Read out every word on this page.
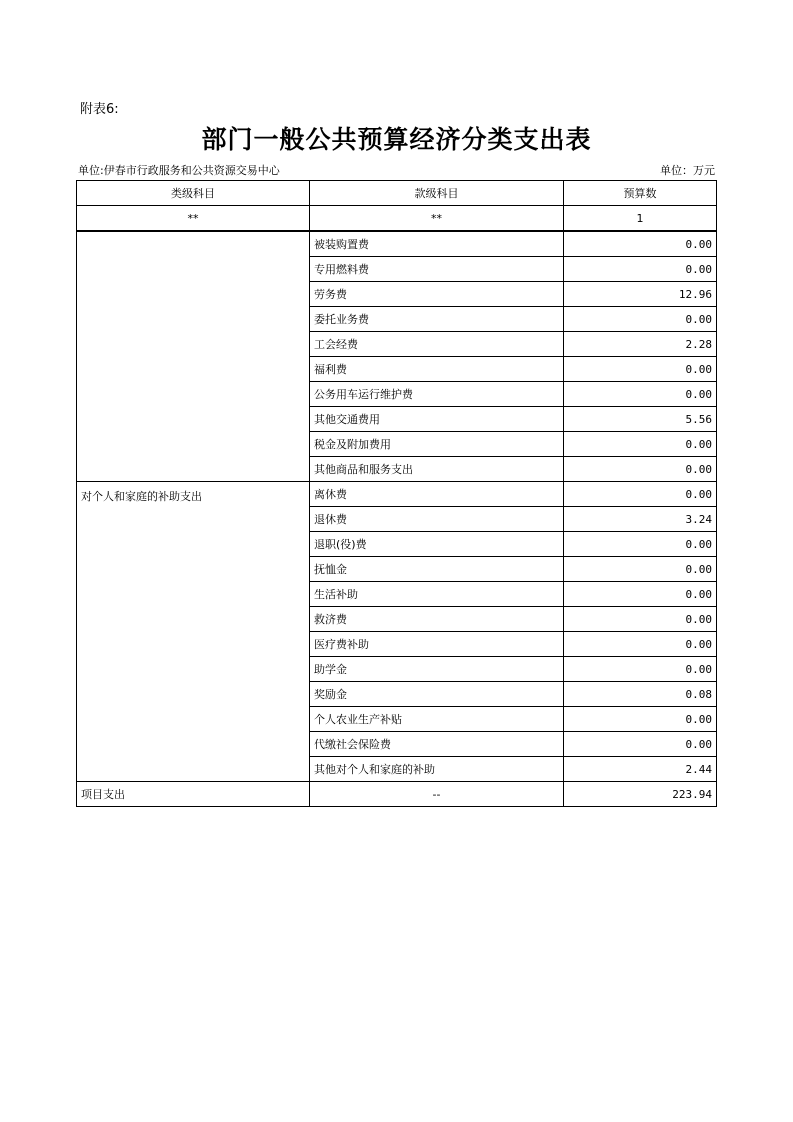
附表6:
部门一般公共预算经济分类支出表
单位:伊春市行政服务和公共资源交易中心	单位：万元
类级科目	款级科目	预算数
**	**	1
	被装购置费	0.00
	专用燃料费	0.00
	劳务费	12.96
	委托业务费	0.00
	工会经费	2.28
	福利费	0.00
	公务用车运行维护费	0.00
	其他交通费用	5.56
	税金及附加费用	0.00
	其他商品和服务支出	0.00
对个人和家庭的补助支出	离休费	0.00
	退休费	3.24
	退职(役)费	0.00
	抚恤金	0.00
	生活补助	0.00
	救济费	0.00
	医疗费补助	0.00
	助学金	0.00
	奖励金	0.08
	个人农业生产补贴	0.00
	代缴社会保险费	0.00
	其他对个人和家庭的补助	2.44
项目支出	--	223.94
